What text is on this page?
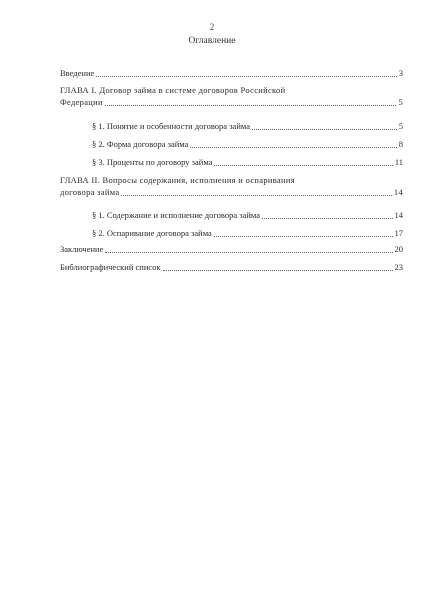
2
Оглавление
Введение	3
ГЛАВА I. Договор займа в системе договоров Российской
Федерации	5
§ 1. Понятие и особенности договора займа	5
§ 2. Форма договора займа	8
§ 3. Проценты по договору займа	11
ГЛАВА II. Вопросы содержания, исполнения и оспаривания
договора займа	14
§ 1. Содержание и исполнение договора займа	14
§ 2. Оспаривание договора займа	17
Заключение	20
Библиографический список	23
